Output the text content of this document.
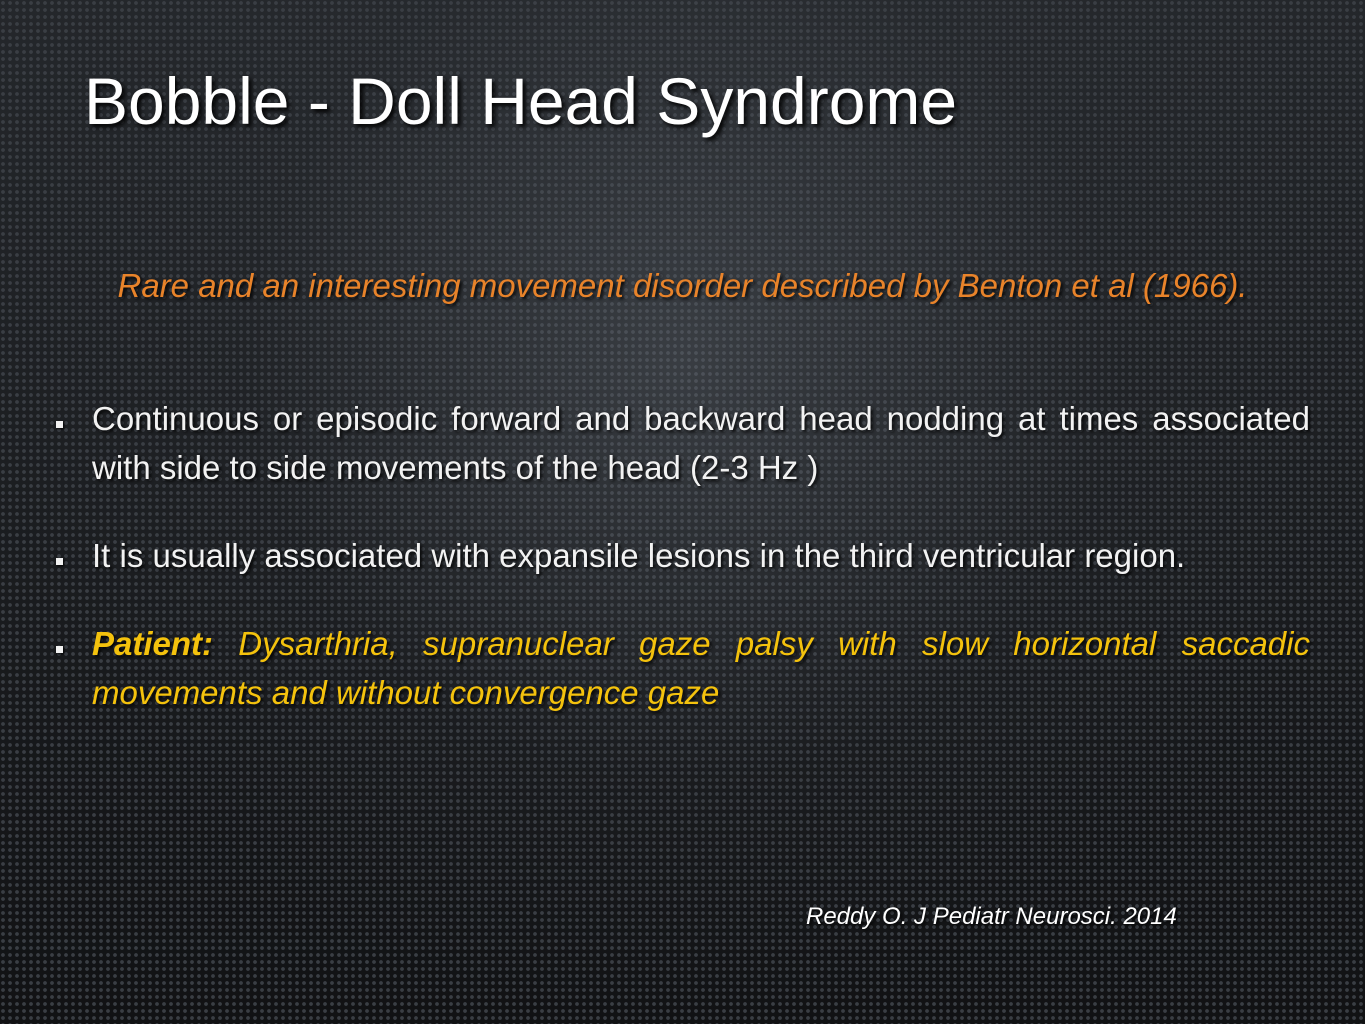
Bobble - Doll Head Syndrome

Rare and an interesting movement disorder described by Benton et al (1966).

Continuous or episodic forward and backward head nodding at times associated with side to side movements of the head (2-3 Hz )
It is usually associated with expansile lesions in the third ventricular region.
Patient: Dysarthria, supranuclear gaze palsy with slow horizontal saccadic movements and without convergence gaze

Reddy O. J Pediatr Neurosci. 2014
